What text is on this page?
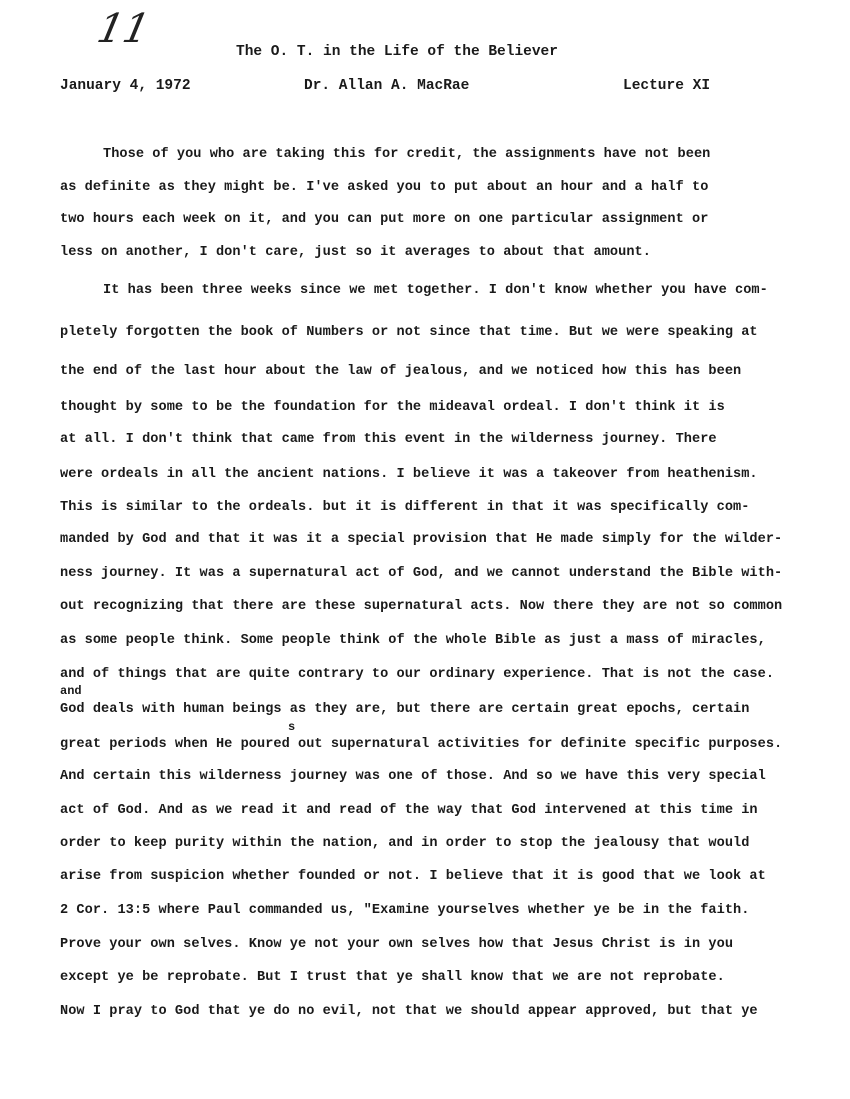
11	The O. T. in the Life of the Believer
January 4, 1972	Dr. Allan A. MacRae	Lecture XI
Those of you who are taking this for credit, the assignments have not been
as definite as they might be. I've asked you to put about an hour and a half to
two hours each week on it, and you can put more on one particular assignment or
less on another, I don't care, just so it averages to about that amount.
It has been three weeks since we met together. I don't know whether you have com-
pletely forgotten the book of Numbers or not since that time. But we were speaking at
the end of the last hour about the law of jealous, and we noticed how this has been
thought by some to be the foundation for the mideaval ordeal. I don't think it is
at all. I don't think that came from this event in the wilderness journey. There
were ordeals in all the ancient nations. I believe it was a takeover from heathenism.
This is similar to the ordeals. but it is different in that it was specifically com-
manded by God and that it was it a special provision that He made simply for the wilder-
ness journey. It was a supernatural act of God, and we cannot understand the Bible with-
out recognizing that there are these supernatural acts. Now there they are not so common
as some people think. Some people think of the whole Bible as just a mass of miracles,
and of things that are quite contrary to our ordinary experience. That is not the case.
God deals with human beings as they are, but there are certain great epochs, certain
great periods when He poured out supernatural activities for definite specific purposes.
And certain this wilderness journey was one of those. And so we have this very special
act of God. And as we read it and read of the way that God intervened at this time in
order to keep purity within the nation, and in order to stop the jealousy that would
arise from suspicion whether founded or not. I believe that it is good that we look at
2 Cor. 13:5 where Paul commanded us, "Examine yourselves whether ye be in the faith.
Prove your own selves. Know ye not your own selves how that Jesus Christ is in you
except ye be reprobate. But I trust that ye shall know that we are not reprobate.
Now I pray to God that ye do no evil, not that we should appear approved, but that ye
and
s
